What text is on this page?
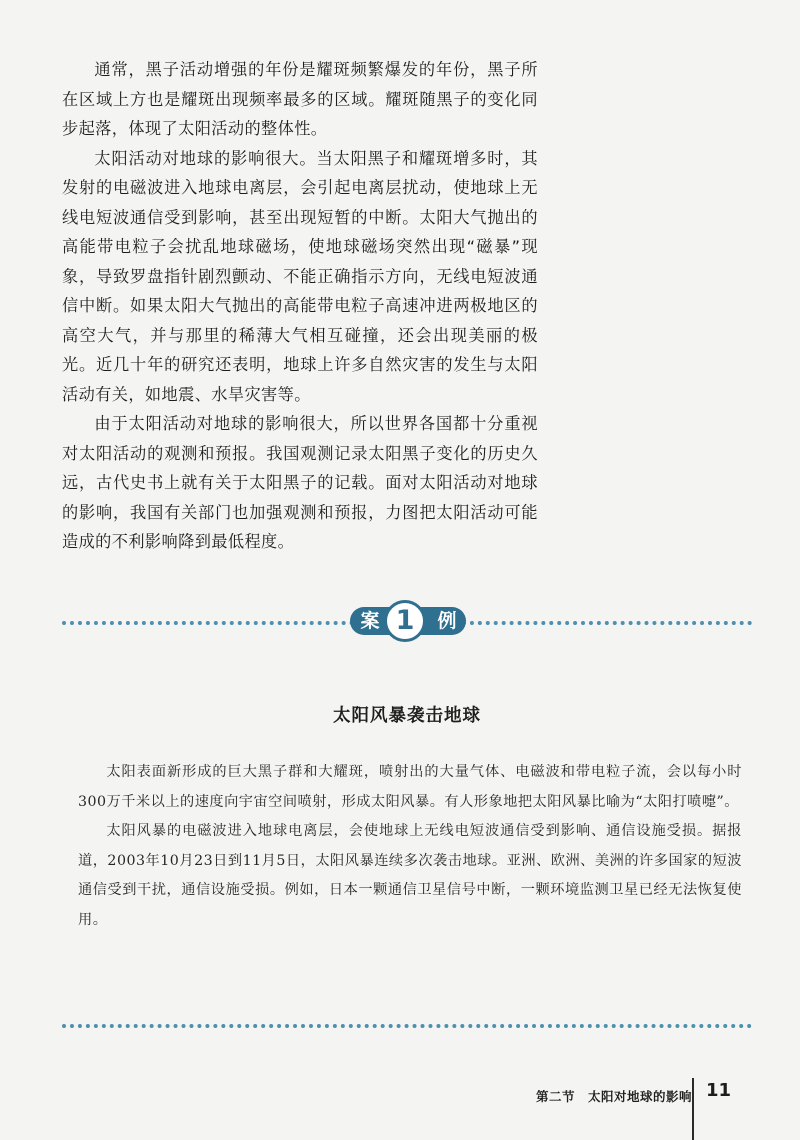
通常，黑子活动增强的年份是耀斑频繁爆发的年份，黑子所在区域上方也是耀斑出现频率最多的区域。耀斑随黑子的变化同步起落，体现了太阳活动的整体性。

太阳活动对地球的影响很大。当太阳黑子和耀斑增多时，其发射的电磁波进入地球电离层，会引起电离层扰动，使地球上无线电短波通信受到影响，甚至出现短暂的中断。太阳大气抛出的高能带电粒子会扰乱地球磁场，使地球磁场突然出现“磁暴”现象，导致罗盘指针剧烈颤动、不能正确指示方向，无线电短波通信中断。如果太阳大气抛出的高能带电粒子高速冲进两极地区的高空大气，并与那里的稀薄大气相互碰撞，还会出现美丽的极光。近几十年的研究还表明，地球上许多自然灾害的发生与太阳活动有关，如地震、水旱灾害等。

由于太阳活动对地球的影响很大，所以世界各国都十分重视对太阳活动的观测和预报。我国观测记录太阳黑子变化的历史久远，古代史书上就有关于太阳黑子的记载。面对太阳活动对地球的影响，我国有关部门也加强观测和预报，力图把太阳活动可能造成的不利影响降到最低程度。

案	例
1
太阳风暴袭击地球

太阳表面新形成的巨大黑子群和大耀斑，喷射出的大量气体、电磁波和带电粒子流，会以每小时300万千米以上的速度向宇宙空间喷射，形成太阳风暴。有人形象地把太阳风暴比喻为“太阳打喷嚏”。

太阳风暴的电磁波进入地球电离层，会使地球上无线电短波通信受到影响、通信设施受损。据报道，2003年10月23日到11月5日，太阳风暴连续多次袭击地球。亚洲、欧洲、美洲的许多国家的短波通信受到干扰，通信设施受损。例如，日本一颗通信卫星信号中断，一颗环境监测卫星已经无法恢复使用。

第二节　太阳对地球的影响 11
